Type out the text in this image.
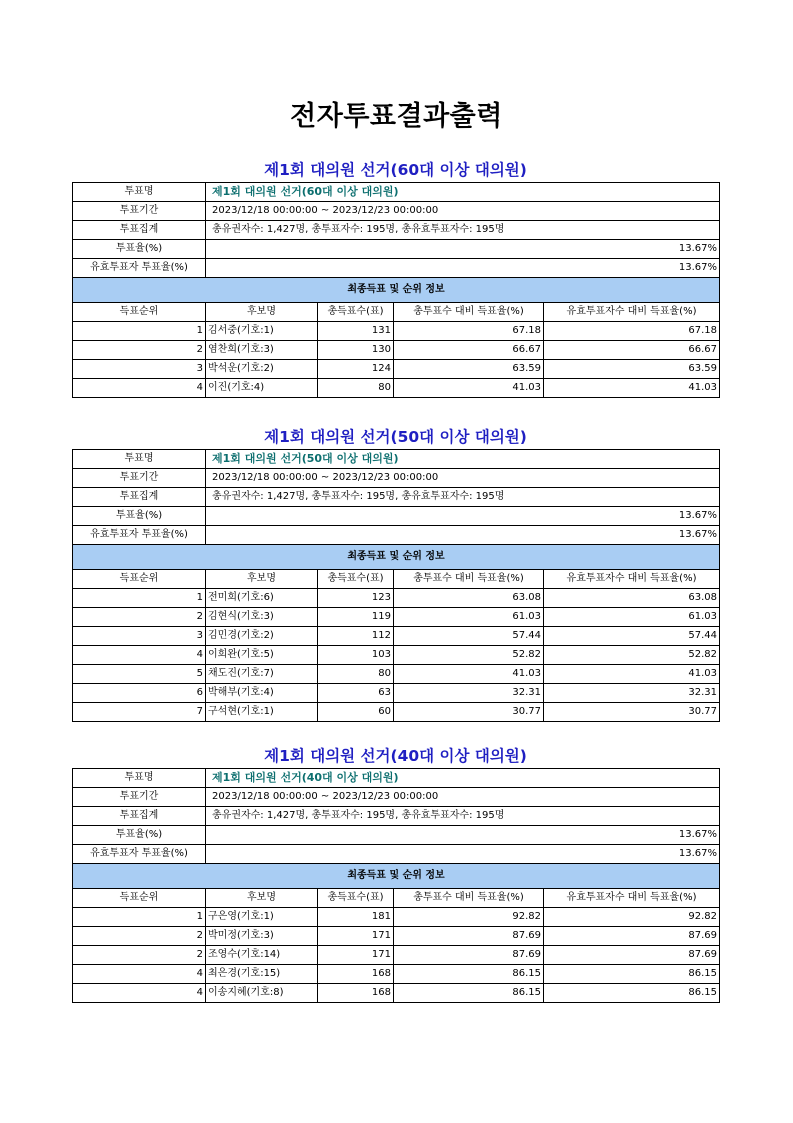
전자투표결과출력
제1회 대의원 선거(60대 이상 대의원)
투표명	제1회 대의원 선거(60대 이상 대의원)			
투표기간	2023/12/18 00:00:00 ~ 2023/12/23 00:00:00			
투표집계	총유권자수: 1,427명, 총투표자수: 195명, 총유효투표자수: 195명			
투표율(%)	13.67%			
유효투표자 투표율(%)	13.67%			
최종득표 및 순위 정보				
득표순위	후보명	총득표수(표)	총투표수 대비 득표율(%)	유효투표자수 대비 득표율(%)
1	김서중(기호:1)	131	67.18	67.18
2	염찬희(기호:3)	130	66.67	66.67
3	박석운(기호:2)	124	63.59	63.59
4	이진(기호:4)	80	41.03	41.03
제1회 대의원 선거(50대 이상 대의원)
투표명	제1회 대의원 선거(50대 이상 대의원)			
투표기간	2023/12/18 00:00:00 ~ 2023/12/23 00:00:00			
투표집계	총유권자수: 1,427명, 총투표자수: 195명, 총유효투표자수: 195명			
투표율(%)	13.67%			
유효투표자 투표율(%)	13.67%			
최종득표 및 순위 정보				
득표순위	후보명	총득표수(표)	총투표수 대비 득표율(%)	유효투표자수 대비 득표율(%)
1	전미희(기호:6)	123	63.08	63.08
2	김현식(기호:3)	119	61.03	61.03
3	김민경(기호:2)	112	57.44	57.44
4	이희완(기호:5)	103	52.82	52.82
5	채도진(기호:7)	80	41.03	41.03
6	박해부(기호:4)	63	32.31	32.31
7	구석현(기호:1)	60	30.77	30.77
제1회 대의원 선거(40대 이상 대의원)
투표명	제1회 대의원 선거(40대 이상 대의원)			
투표기간	2023/12/18 00:00:00 ~ 2023/12/23 00:00:00			
투표집계	총유권자수: 1,427명, 총투표자수: 195명, 총유효투표자수: 195명			
투표율(%)	13.67%			
유효투표자 투표율(%)	13.67%			
최종득표 및 순위 정보				
득표순위	후보명	총득표수(표)	총투표수 대비 득표율(%)	유효투표자수 대비 득표율(%)
1	구은영(기호:1)	181	92.82	92.82
2	박미정(기호:3)	171	87.69	87.69
2	조영수(기호:14)	171	87.69	87.69
4	최은경(기호:15)	168	86.15	86.15
4	이송지혜(기호:8)	168	86.15	86.15
